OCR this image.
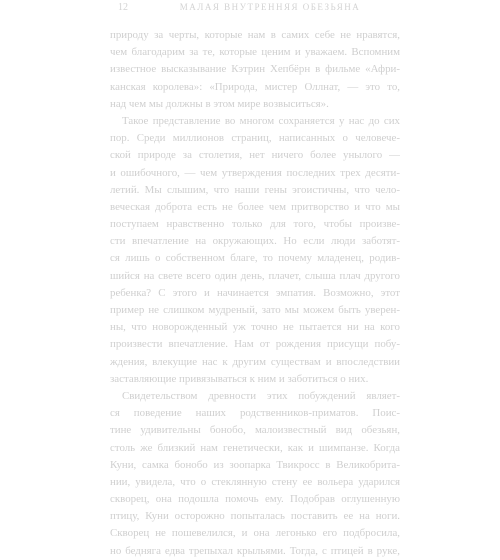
12	МАЛАЯ ВНУТРЕННЯЯ ОБЕЗЬЯНА
природу за черты, которые нам в самих себе не нравятся,
чем благодарим за те, которые ценим и уважаем. Вспомним
известное высказывание Кэтрин Хепбёрн в фильме «Афри-
канская королева»: «Природа, мистер Оллнат, — это то,
над чем мы должны в этом мире возвыситься».
Такое представление во многом сохраняется у нас до сих
пор. Среди миллионов страниц, написанных о человече-
ской природе за столетия, нет ничего более унылого —
и ошибочного, — чем утверждения последних трех десяти-
летий. Мы слышим, что наши гены эгоистичны, что чело-
веческая доброта есть не более чем притворство и что мы
поступаем нравственно только для того, чтобы произве-
сти впечатление на окружающих. Но если люди заботят-
ся лишь о собственном благе, то почему младенец, родив-
шийся на свете всего один день, плачет, слыша плач другого
ребенка? С этого и начинается эмпатия. Возможно, этот
пример не слишком мудреный, зато мы можем быть уверен-
ны, что новорожденный уж точно не пытается ни на кого
произвести впечатление. Нам от рождения присущи побу-
ждения, влекущие нас к другим существам и впоследствии
заставляющие привязываться к ним и заботиться о них.
Свидетельством древности этих побуждений являет-
ся поведение наших родственников-приматов. Поис-
тине удивительны бонобо, малоизвестный вид обезьян,
столь же близкий нам генетически, как и шимпанзе. Когда
Куни, самка бонобо из зоопарка Твикросс в Великобрита-
нии, увидела, что о стеклянную стену ее вольера ударился
скворец, она подошла помочь ему. Подобрав оглушенную
птицу, Куни осторожно попыталась поставить ее на ноги.
Скворец не пошевелился, и она легонько его подбросила,
но бедняга едва трепыхал крыльями. Тогда, с птицей в руке,
